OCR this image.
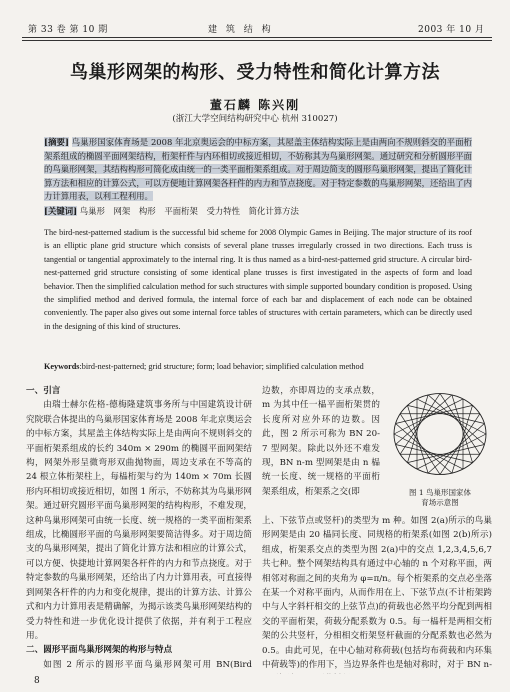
第 33 卷 第 10 期	建 筑 结 构	2003 年 10 月
鸟巢形网架的构形、受力特性和简化计算方法
董石麟 陈兴刚
(浙江大学空间结构研究中心 杭州 310027)
[摘要] 鸟巢形国家体育场是 2008 年北京奥运会的中标方案，其屋盖主体结构实际上是由两向不规则斜交的平面桁架系组成的椭圆平面网架结构，桁架杆件与内环相切或接近相切，不妨称其为鸟巢形网架。通过研究和分析圆形平面的鸟巢形网架，其结构构形可简化成由统一的一类平面桁架系组成。对于周边简支的圆形鸟巢形网架，提出了简化计算方法和相应的计算公式，可以方便地计算网架各杆件的内力和节点挠度。对于特定参数的鸟巢形网架，还给出了内力计算用表，以利工程利用。
[关键词] 鸟巢形 网架 构形 平面桁架 受力特性 简化计算方法
The bird-nest-patterned stadium is the successful bid scheme for 2008 Olympic Games in Beijing. The major structure of its roof is an elliptic plane grid structure which consists of several plane trusses irregularly crossed in two directions. Each truss is tangential or tangential approximately to the internal ring. It is thus named as a bird-nest-patterned grid structure. A circular bird-nest-patterned grid structure consisting of some identical plane trusses is first investigated in the aspects of form and load behavior. Then the simplified calculation method for such structures with simple supported boundary condition is proposed. Using the simplified method and derived formula, the internal force of each bar and displacement of each node can be obtained conveniently. The paper also gives out some internal force tables of structures with certain parameters, which can be directly used in the designing of this kind of structures.
Keywords:bird-nest-patterned; grid structure; form; load behavior; simplified calculation method
一、引言
由瑞士赫尔佐格-德梅隆建筑事务所与中国建筑设计研究院联合体提出的鸟巢形国家体育场是 2008 年北京奥运会的中标方案，其屋盖主体结构实际上是由两向不规则斜交的平面桁架系组成的长约 340m × 290m 的椭圆平面网架结构，网架外形呈微弯形双曲抛物面，周边支承在不等高的 24 根立体桁架柱上，每榀桁架与约为 140m × 70m 长圆形内环相切或接近相切，如图 1 所示，不妨称其为鸟巢形网架。通过研究圆形平面鸟巢形网架的结构构形，不难发现，这种鸟巢形网架可由统一长度、统一规格的一类平面桁架系组成，比椭圆形平面的鸟巢形网架要简洁得多。对于周边简支的鸟巢形网架，提出了简化计算方法和相应的计算公式，可以方便、快捷地计算网架各杆件的内力和节点挠度。对于特定参数的鸟巢形网架，还给出了内力计算用表，可直接得到网架各杆件的内力和变化规律，提出的计算方法、计算公式和内力计算用表是精确解，为揭示该类鸟巢形网架结构的受力特性和进一步优化设计提供了依据，并有利于工程应用。
二、圆形平面鸟巢形网架的构形与特点
如图 2 所示的圆形平面鸟巢形网架可用 BN(Bird
边数，亦即周边的支承点数，m 为其中任一榀平面桁架贯的长度所对应外环的边数。因此，图 2 所示可称为 BN 20-7 型网架。除此以外还不难发现，BN n-m 型网架是由 n 榀统一长度、统一规格的平面桁架系组成，桁架系之交(即	图 1 鸟巢形国家体
育场示意图
上、下弦节点或竖杆)的类型为 m 种。如图 2(a)所示的鸟巢形网架是由 20 榀同长度、同规格的桁架系(如图 2(b)所示)组成，桁架系交点的类型为图 2(a)中的交点 1,2,3,4,5,6,7 共七种。整个网架结构具有通过中心轴的 n 个对称平面，两相邻对称面之间的夹角为 φ=π/n。每个桁架系的交点必坐落在某一个对称平面内，从而作用在上、下弦节点(不计桁架跨中与人字斜杆相交的上弦节点)的荷载也必然平均分配到两相交的平面桁架，荷载分配系数为 0.5。每一榀杆是两相交桁架的公共竖杆，分相相交桁架竖杆截面的分配系数也必然为 0.5。由此可见，在中心轴对称荷载(包括均布荷载和内环集中荷载等)的作用下，当边界条件也是轴对称时，对于 BN n-
8
